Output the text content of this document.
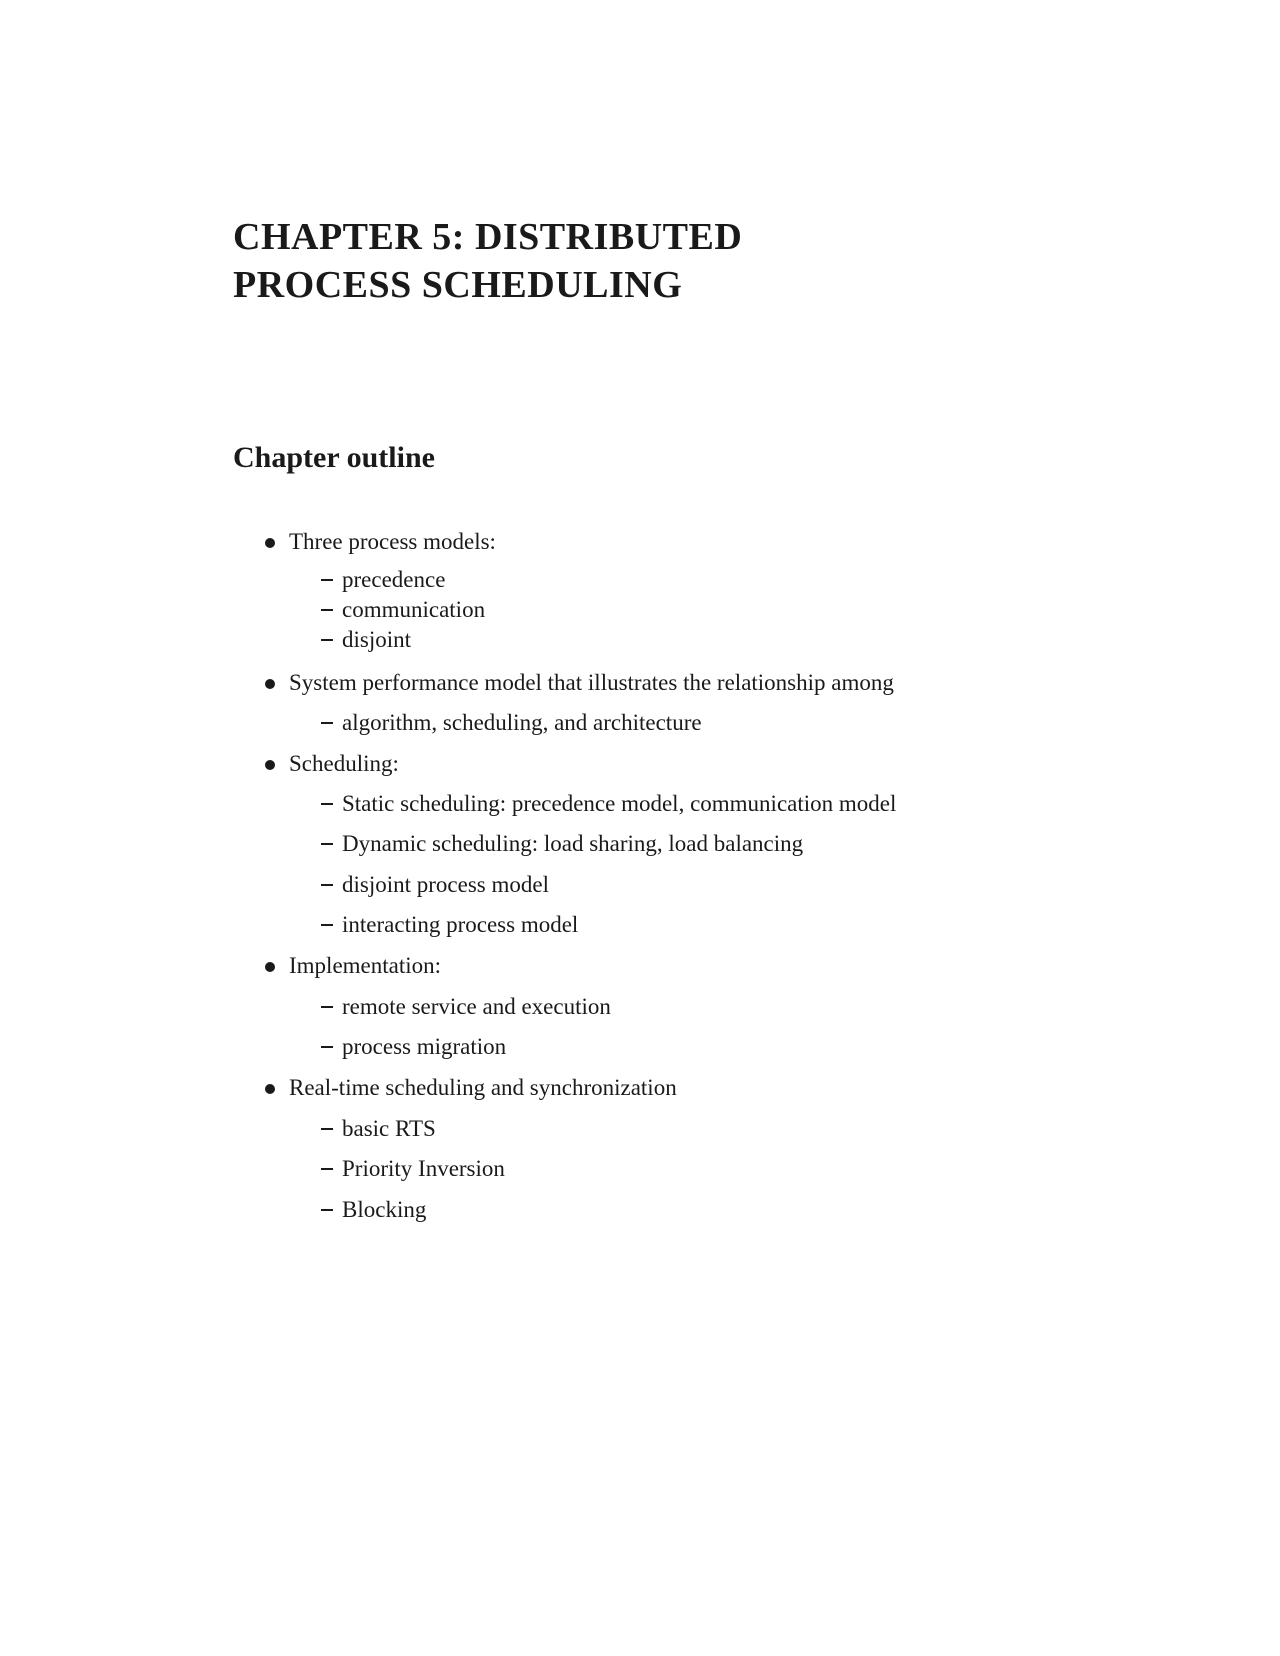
CHAPTER 5: DISTRIBUTED
PROCESS SCHEDULING
Chapter outline
Three process models:
precedence
communication
disjoint
System performance model that illustrates the relationship among
algorithm, scheduling, and architecture
Scheduling:
Static scheduling: precedence model, communication model
Dynamic scheduling: load sharing, load balancing
disjoint process model
interacting process model
Implementation:
remote service and execution
process migration
Real-time scheduling and synchronization
basic RTS
Priority Inversion
Blocking
